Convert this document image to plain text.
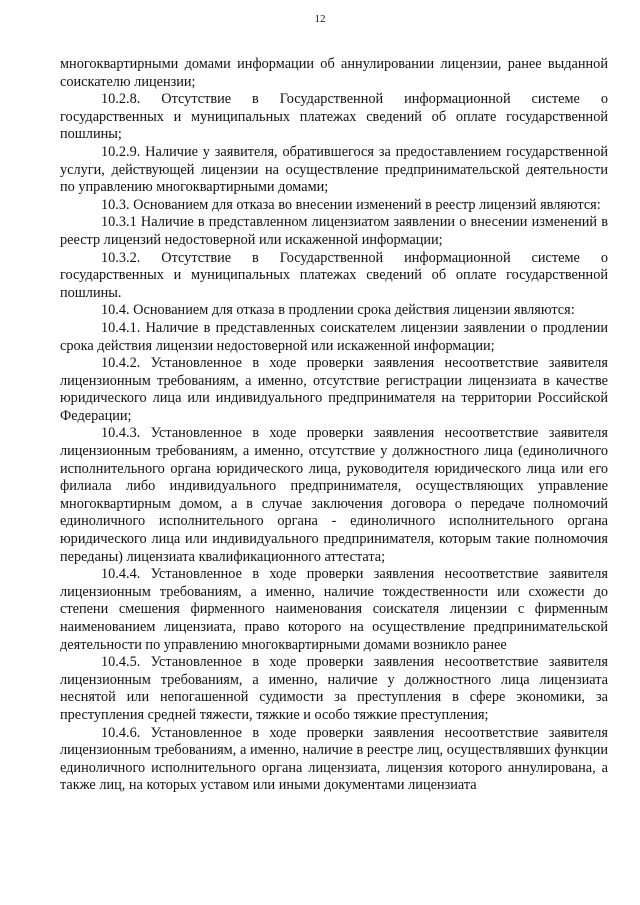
12

многоквартирными домами информации об аннулировании лицензии, ранее выданной соискателю лицензии;

10.2.8. Отсутствие в Государственной информационной системе о государственных и муниципальных платежах сведений об оплате государственной пошлины;

10.2.9. Наличие у заявителя, обратившегося за предоставлением государственной услуги, действующей лицензии на осуществление предпринимательской деятельности по управлению многоквартирными домами;

10.3. Основанием для отказа во внесении изменений в реестр лицензий являются:

10.3.1 Наличие в представленном лицензиатом заявлении о внесении изменений в реестр лицензий недостоверной или искаженной информации;

10.3.2. Отсутствие в Государственной информационной системе о государственных и муниципальных платежах сведений об оплате государственной пошлины.

10.4. Основанием для отказа в продлении срока действия лицензии являются:

10.4.1. Наличие в представленных соискателем лицензии заявлении о продлении срока действия лицензии недостоверной или искаженной информации;

10.4.2. Установленное в ходе проверки заявления несоответствие заявителя лицензионным требованиям, а именно, отсутствие регистрации лицензиата в качестве юридического лица или индивидуального предпринимателя на территории Российской Федерации;

10.4.3. Установленное в ходе проверки заявления несоответствие заявителя лицензионным требованиям, а именно, отсутствие у должностного лица (единоличного исполнительного органа юридического лица, руководителя юридического лица или его филиала либо индивидуального предпринимателя, осуществляющих управление многоквартирным домом, а в случае заключения договора о передаче полномочий единоличного исполнительного органа - единоличного исполнительного органа юридического лица или индивидуального предпринимателя, которым такие полномочия переданы) лицензиата квалификационного аттестата;

10.4.4. Установленное в ходе проверки заявления несоответствие заявителя лицензионным требованиям, а именно, наличие тождественности или схожести до степени смешения фирменного наименования соискателя лицензии с фирменным наименованием лицензиата, право которого на осуществление предпринимательской деятельности по управлению многоквартирными домами возникло ранее

10.4.5. Установленное в ходе проверки заявления несоответствие заявителя лицензионным требованиям, а именно, наличие у должностного лица лицензиата неснятой или непогашенной судимости за преступления в сфере экономики, за преступления средней тяжести, тяжкие и особо тяжкие преступления;

10.4.6. Установленное в ходе проверки заявления несоответствие заявителя лицензионным требованиям, а именно, наличие в реестре лиц, осуществлявших функции единоличного исполнительного органа лицензиата, лицензия которого аннулирована, а также лиц, на которых уставом или иными документами лицензиата
